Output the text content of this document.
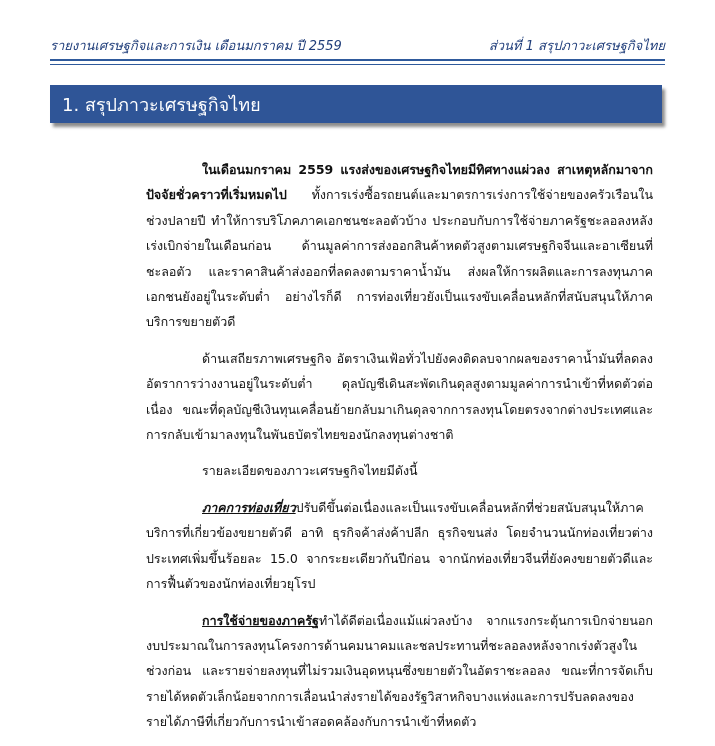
รายงานเศรษฐกิจและการเงิน เดือนมกราคม ปี 2559	ส่วนที่ 1 สรุปภาวะเศรษฐกิจไทย
1. สรุปภาวะเศรษฐกิจไทย

ในเดือนมกราคม 2559 แรงส่งของเศรษฐกิจไทยมีทิศทางแผ่วลง สาเหตุหลักมาจากปัจจัยชั่วคราวที่เริ่มหมดไป ทั้งการเร่งซื้อรถยนต์และมาตรการเร่งการใช้จ่ายของครัวเรือนในช่วงปลายปี ทำให้การบริโภคภาคเอกชนชะลอตัวบ้าง ประกอบกับการใช้จ่ายภาครัฐชะลอลงหลังเร่งเบิกจ่ายในเดือนก่อน ด้านมูลค่าการส่งออกสินค้าหดตัวสูงตามเศรษฐกิจจีนและอาเซียนที่ชะลอตัว และราคาสินค้าส่งออกที่ลดลงตามราคาน้ำมัน ส่งผลให้การผลิตและการลงทุนภาคเอกชนยังอยู่ในระดับต่ำ อย่างไรก็ดี การท่องเที่ยวยังเป็นแรงขับเคลื่อนหลักที่สนับสนุนให้ภาคบริการขยายตัวดี

ด้านเสถียรภาพเศรษฐกิจ อัตราเงินเฟ้อทั่วไปยังคงติดลบจากผลของราคาน้ำมันที่ลดลง อัตราการว่างงานอยู่ในระดับต่ำ ดุลบัญชีเดินสะพัดเกินดุลสูงตามมูลค่าการนำเข้าที่หดตัวต่อเนื่อง ขณะที่ดุลบัญชีเงินทุนเคลื่อนย้ายกลับมาเกินดุลจากการลงทุนโดยตรงจากต่างประเทศและการกลับเข้ามาลงทุนในพันธบัตรไทยของนักลงทุนต่างชาติ

รายละเอียดของภาวะเศรษฐกิจไทยมีดังนี้

ภาคการท่องเที่ยวปรับดีขึ้นต่อเนื่องและเป็นแรงขับเคลื่อนหลักที่ช่วยสนับสนุนให้ภาคบริการที่เกี่ยวข้องขยายตัวดี อาทิ ธุรกิจค้าส่งค้าปลีก ธุรกิจขนส่ง โดยจำนวนนักท่องเที่ยวต่างประเทศเพิ่มขึ้นร้อยละ 15.0 จากระยะเดียวกันปีก่อน จากนักท่องเที่ยวจีนที่ยังคงขยายตัวดีและการฟื้นตัวของนักท่องเที่ยวยุโรป

การใช้จ่ายของภาครัฐทำได้ดีต่อเนื่องแม้แผ่วลงบ้าง จากแรงกระตุ้นการเบิกจ่ายนอกงบประมาณในการลงทุนโครงการด้านคมนาคมและชลประทานที่ชะลอลงหลังจากเร่งตัวสูงในช่วงก่อน และรายจ่ายลงทุนที่ไม่รวมเงินอุดหนุนซึ่งขยายตัวในอัตราชะลอลง ขณะที่การจัดเก็บรายได้หดตัวเล็กน้อยจากการเลื่อนนำส่งรายได้ของรัฐวิสาหกิจบางแห่งและการปรับลดลงของรายได้ภาษีที่เกี่ยวกับการนำเข้าสอดคล้องกับการนำเข้าที่หดตัว
